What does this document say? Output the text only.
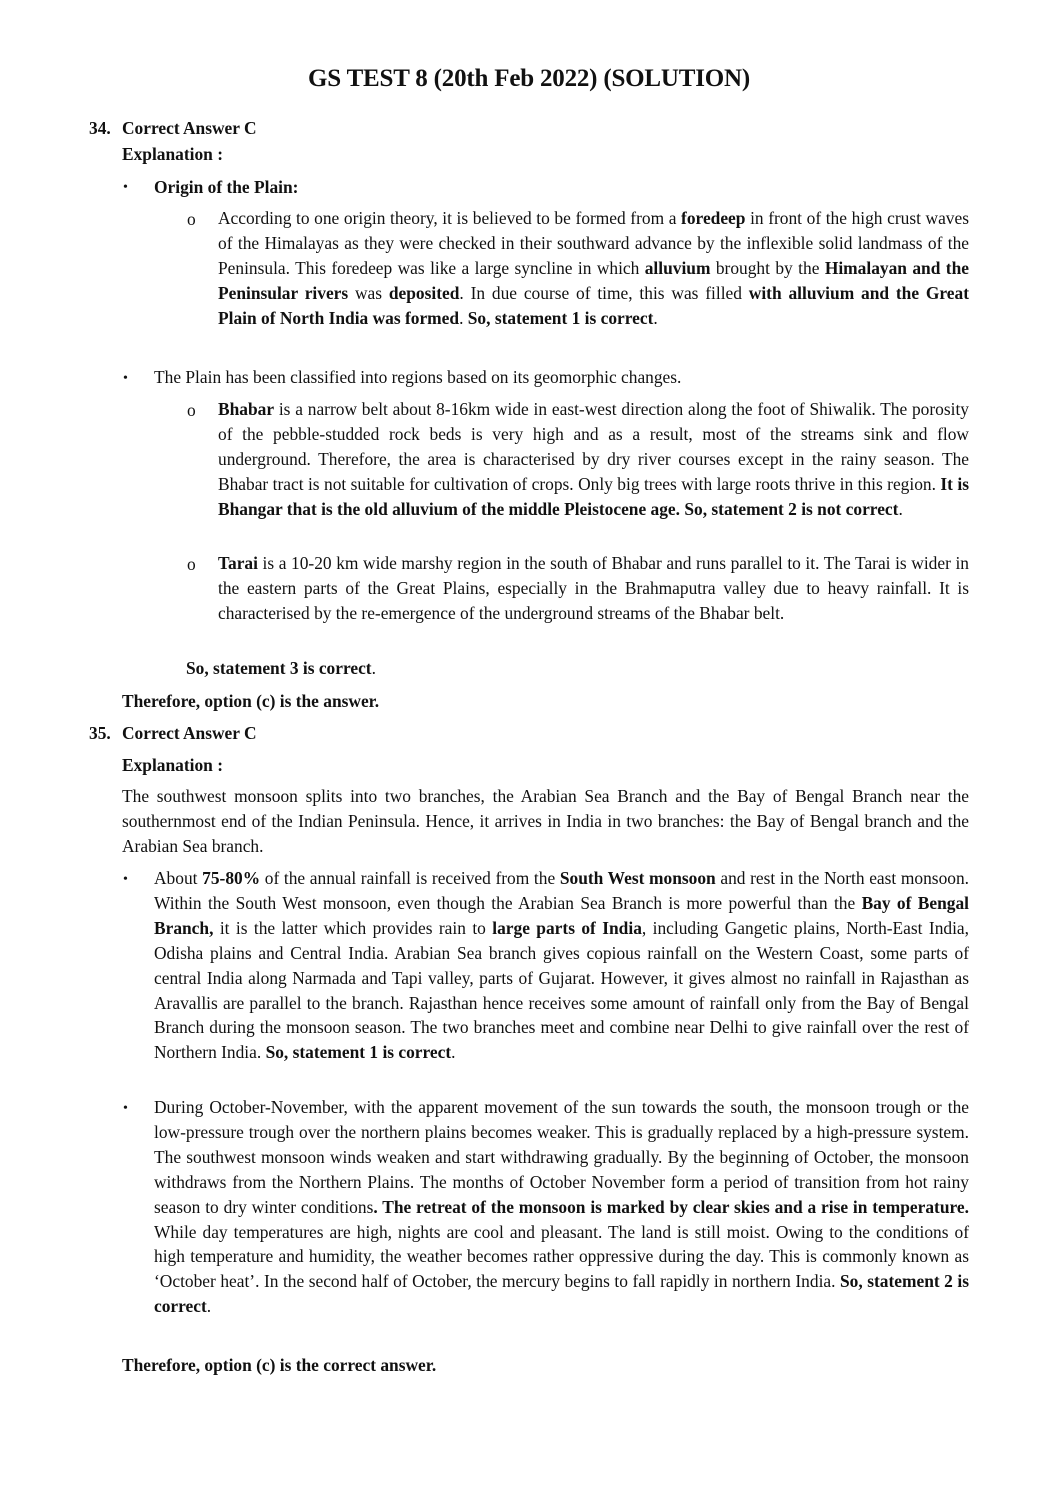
GS TEST 8 (20th Feb 2022) (SOLUTION)
34. Correct Answer C
Explanation :
• Origin of the Plain:
o According to one origin theory, it is believed to be formed from a foredeep in front of the high crust waves of the Himalayas as they were checked in their southward advance by the inflexible solid landmass of the Peninsula. This foredeep was like a large syncline in which alluvium brought by the Himalayan and the Peninsular rivers was deposited. In due course of time, this was filled with alluvium and the Great Plain of North India was formed. So, statement 1 is correct.
• The Plain has been classified into regions based on its geomorphic changes.
o Bhabar is a narrow belt about 8-16km wide in east-west direction along the foot of Shiwalik. The porosity of the pebble-studded rock beds is very high and as a result, most of the streams sink and flow underground. Therefore, the area is characterised by dry river courses except in the rainy season. The Bhabar tract is not suitable for cultivation of crops. Only big trees with large roots thrive in this region. It is Bhangar that is the old alluvium of the middle Pleistocene age. So, statement 2 is not correct.
o Tarai is a 10-20 km wide marshy region in the south of Bhabar and runs parallel to it. The Tarai is wider in the eastern parts of the Great Plains, especially in the Brahmaputra valley due to heavy rainfall. It is characterised by the re-emergence of the underground streams of the Bhabar belt.
So, statement 3 is correct.
Therefore, option (c) is the answer.
35. Correct Answer C
Explanation :
The southwest monsoon splits into two branches, the Arabian Sea Branch and the Bay of Bengal Branch near the southernmost end of the Indian Peninsula. Hence, it arrives in India in two branches: the Bay of Bengal branch and the Arabian Sea branch.
• About 75-80% of the annual rainfall is received from the South West monsoon and rest in the North east monsoon. Within the South West monsoon, even though the Arabian Sea Branch is more powerful than the Bay of Bengal Branch, it is the latter which provides rain to large parts of India, including Gangetic plains, North-East India, Odisha plains and Central India. Arabian Sea branch gives copious rainfall on the Western Coast, some parts of central India along Narmada and Tapi valley, parts of Gujarat. However, it gives almost no rainfall in Rajasthan as Aravallis are parallel to the branch. Rajasthan hence receives some amount of rainfall only from the Bay of Bengal Branch during the monsoon season. The two branches meet and combine near Delhi to give rainfall over the rest of Northern India. So, statement 1 is correct.
• During October-November, with the apparent movement of the sun towards the south, the monsoon trough or the low-pressure trough over the northern plains becomes weaker. This is gradually replaced by a high-pressure system. The southwest monsoon winds weaken and start withdrawing gradually. By the beginning of October, the monsoon withdraws from the Northern Plains. The months of October November form a period of transition from hot rainy season to dry winter conditions. The retreat of the monsoon is marked by clear skies and a rise in temperature. While day temperatures are high, nights are cool and pleasant. The land is still moist. Owing to the conditions of high temperature and humidity, the weather becomes rather oppressive during the day. This is commonly known as ‘October heat’. In the second half of October, the mercury begins to fall rapidly in northern India. So, statement 2 is correct.
Therefore, option (c) is the correct answer.
